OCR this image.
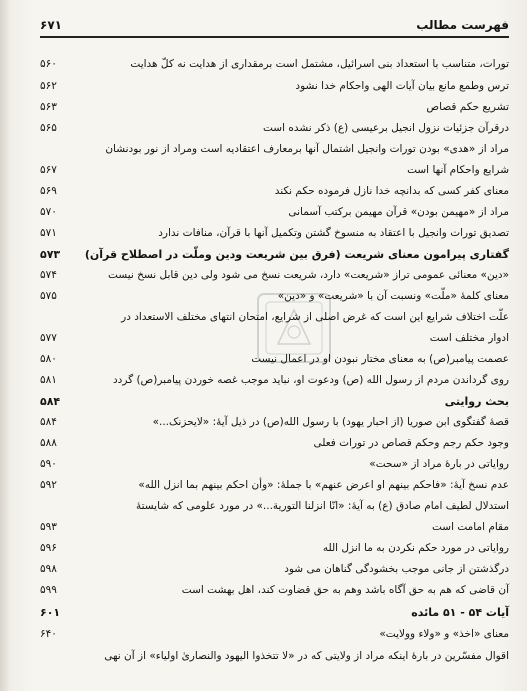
فهرست مطالب
۶۷۱
تورات، متناسب با استعداد بنی اسرائیل، مشتمل است برمقداری از هدایت نه کلّ هدایت
۵۶۰
ترس وطمع مانع بیان آیات الهی واحکام خدا نشود
۵۶۲
تشریع حکم قصاص
۵۶۳
درقرآن جزئیات نزول انجیل برعیسی (ع) ذکر نشده است
۵۶۵
مراد از «هدی» بودن تورات وانجیل اشتمال آنها برمعارف اعتقادیه است ومراد از نور بودنشان
شرایع واحکام آنها است
۵۶۷
معنای کفر کسی که بدانچه خدا نازل فرموده حکم نکند
۵۶۹
مراد از «مهیمن بودن» قرآن مهیمن برکتب آسمانی
۵۷۰
تصدیق تورات وانجیل با اعتقاد به منسوخ گشتن وتکمیل آنها با قرآن، منافات ندارد
۵۷۱
گفتاری پیرامون معنای شریعت (فرق بین شریعت ودین وملّت در اصطلاح قرآن)
۵۷۳
«دین» معنائی عمومی تراز «شریعت» دارد، شریعت نسخ می شود ولی دین قابل نسخ نیست
۵۷۴
معنای کلمهٔ «ملّت» ونسبت آن با «شریعت» و «دین»
۵۷۵
علّت اختلاف شرایع این است که غرض اصلی از شرایع، امتحان انتهای مختلف الاستعداد در
ادوار مختلف است
۵۷۷
عصمت پیامبر(ص) به معنای مختار نبودن او در اعمال نیست
۵۸۰
روی گرداندن مردم از رسول الله (ص) ودعوت او، نباید موجب غصه خوردن پیامبر(ص) گردد
۵۸۱
بحث روایتی
۵۸۴
قصهٔ گفتگوی ابن صوریا (از احبار یهود) با رسول الله(ص) در ذیل آیهٔ: «لایحزنک...»
۵۸۴
وجود حکم رجم وحکم قصاص در تورات فعلی
۵۸۸
روایاتی در بارهٔ مراد از «سحت»
۵۹۰
عدم نسخ آیهٔ: «فاحکم بینهم او اعرض عنهم» با جملهٔ: «وأن احکم بینهم بما انزل الله»
۵۹۲
استدلال لطیف امام صادق (ع) به آیهٔ: «انّا انزلنا التوریة...» در مورد علومی که شایستهٔ
مقام امامت است
۵۹۳
روایاتی در مورد حکم نکردن به ما انزل الله
۵۹۶
درگذشتن از جانی موجب بخشودگی گناهان می شود
۵۹۸
آن قاضی که هم به حق آگاه باشد وهم به حق قضاوت کند، اهل بهشت است
۵۹۹
آیات ۵۴ - ۵۱ مائده
۶۰۱
معنای «اخذ» و «ولاء وولایت»
۶۴۰
اقوال مفسّرین در بارهٔ اینکه مراد از ولایتی که در «لا تتخذوا الیهود والنصاریٰ اولیاء» از آن نهی
